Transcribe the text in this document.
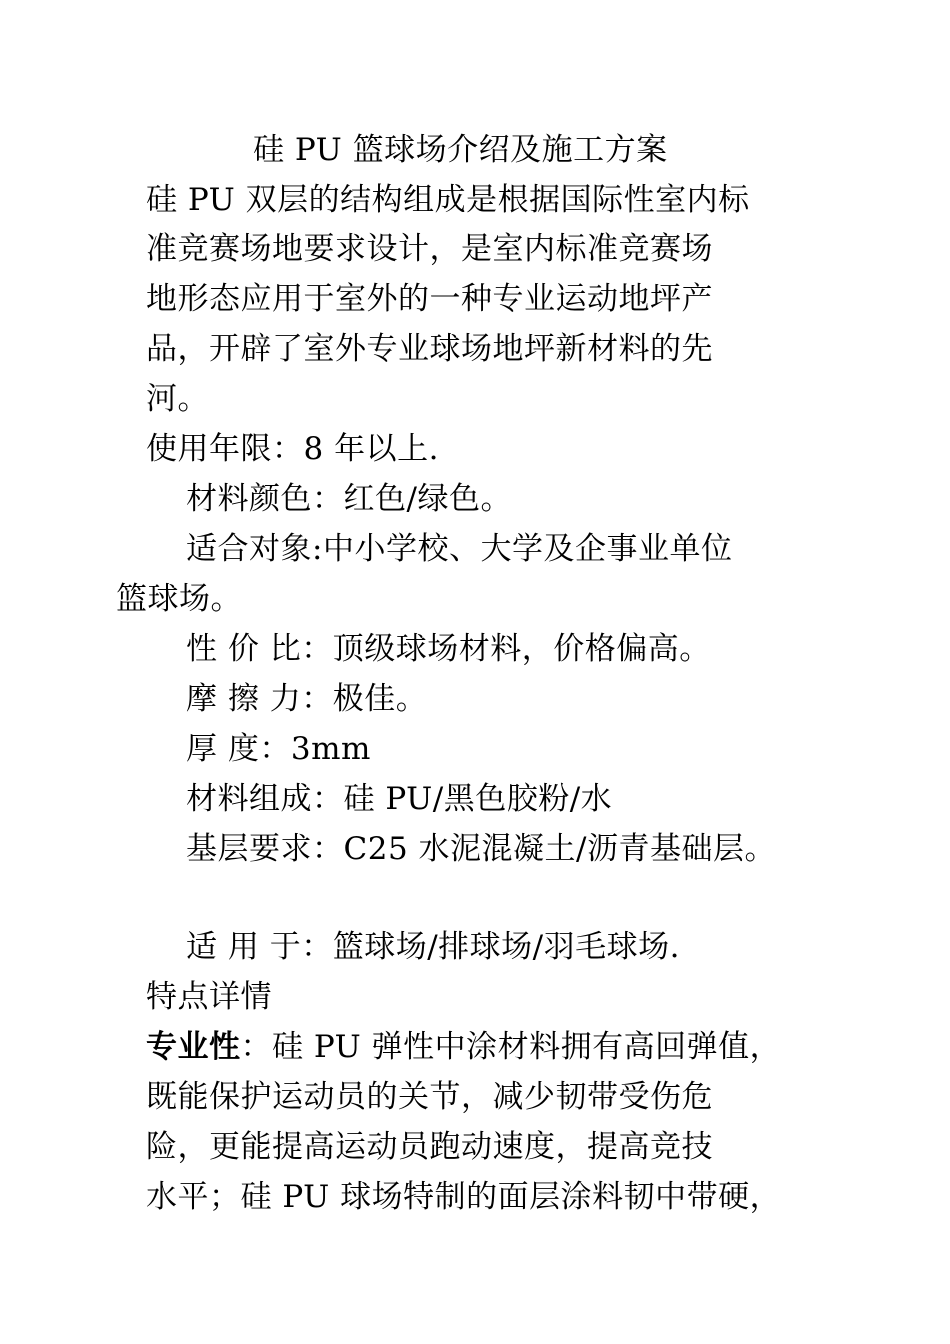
硅 PU 篮球场介绍及施工方案
硅 PU 双层的结构组成是根据国际性室内标
准竞赛场地要求设计，是室内标准竞赛场
地形态应用于室外的一种专业运动地坪产
品，开辟了室外专业球场地坪新材料的先
河。
使用年限：8 年以上.
材料颜色：红色/绿色。
适合对象:中小学校、大学及企事业单位
篮球场。
性 价 比：顶级球场材料，价格偏高。
摩 擦 力：极佳。
厚 度：3mm
材料组成：硅 PU/黑色胶粉/水
基层要求：C25 水泥混凝土/沥青基础层。
适 用 于：篮球场/排球场/羽毛球场.
特点详情
专业性：硅 PU 弹性中涂材料拥有高回弹值，
既能保护运动员的关节，减少韧带受伤危
险，更能提高运动员跑动速度，提高竞技
水平；硅 PU 球场特制的面层涂料韧中带硬，
